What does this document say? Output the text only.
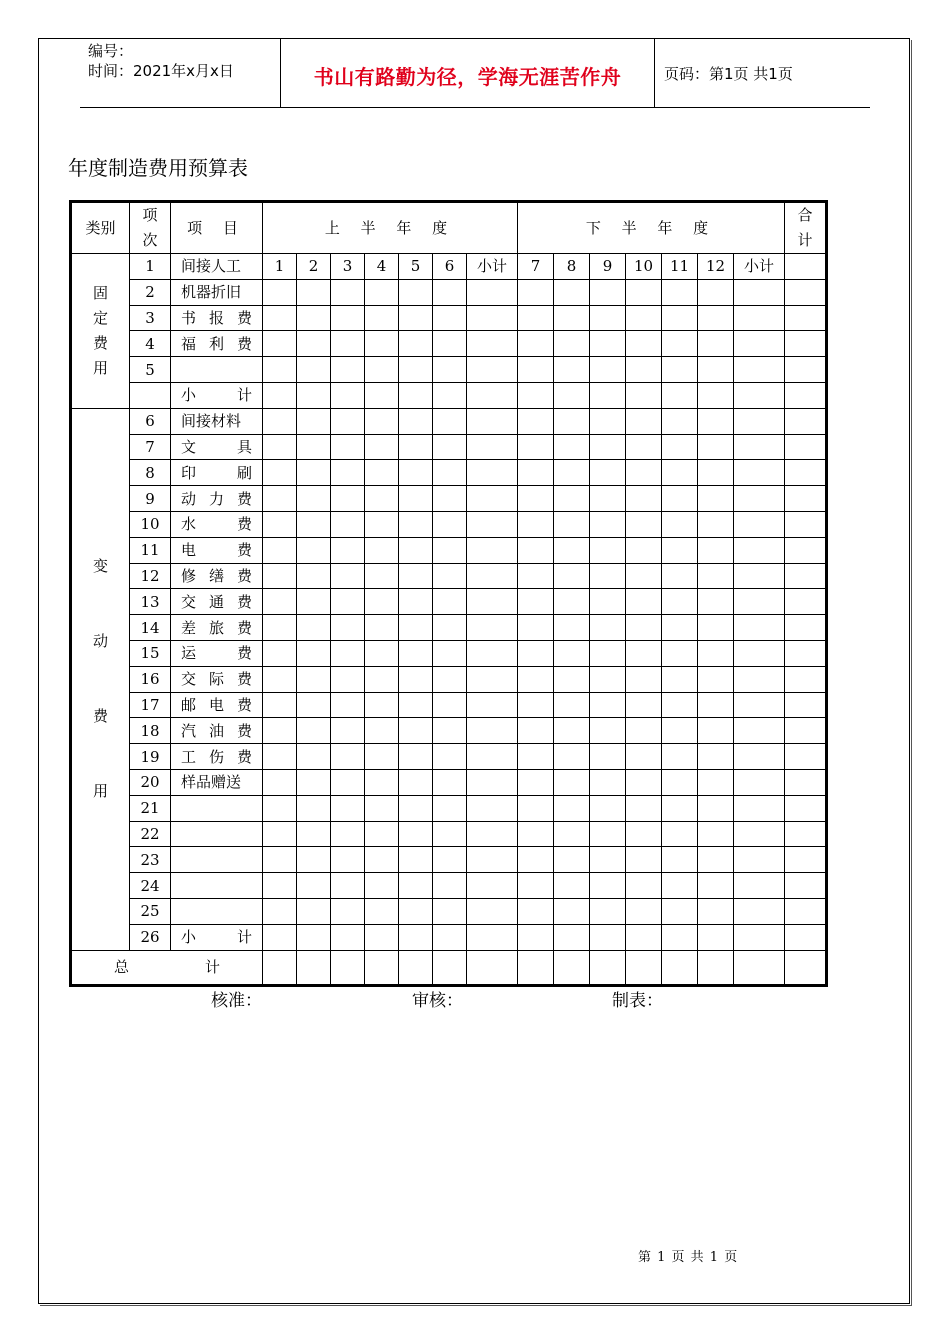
编号：
时间：2021年x月x日	书山有路勤为径，学海无涯苦作舟	页码：第1页 共1页
年度制造费用预算表
类别	项次	项 目	上 半 年 度							下 半 年 度							合计
固定费用	1	间接人工	1	2	3	4	5	6	小计	7	8	9	10	11	12	小计	
	2	机器折旧															
	3	书 报 费															

	4	福 利 费															

	5																

		小 计															

变动费用	6	间接材料															
	7	文 具															

	8	印 刷															

	9	动 力 费															

	10	水 费															

	11	电 费															

	12	修 缮 费															

	13	交 通 费															

	14	差 旅 费															

	15	运 费															

	16	交 际 费															

	17	邮 电 费															

	18	汽 油 费															

	19	工 伤 费															

	20	样品赠送															
	21																
	22																
	23																
	24																
	25																
	26	小 计															

总 计																	

核准：	审核：	制表：
第 1 页 共 1 页
